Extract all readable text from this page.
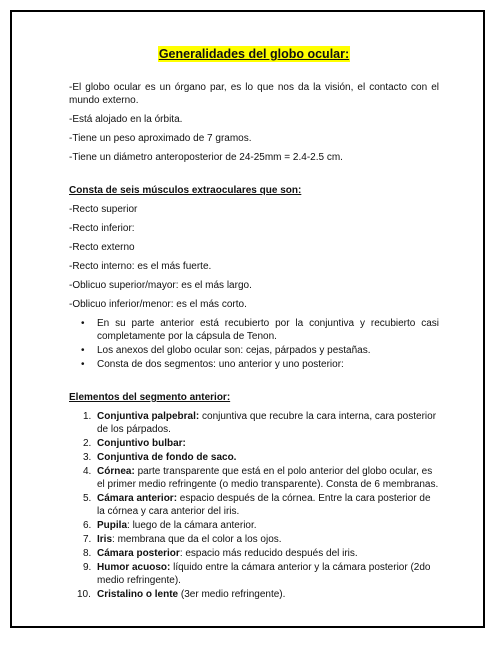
Generalidades del globo ocular:

-El globo ocular es un órgano par, es lo que nos da la visión, el contacto con el mundo externo.

-Está alojado en la órbita.

-Tiene un peso aproximado de 7 gramos.

-Tiene un diámetro anteroposterior de 24-25mm = 2.4-2.5 cm.

Consta de seis músculos extraoculares que son:

-Recto superior

-Recto inferior:

-Recto externo

-Recto interno: es el más fuerte.

-Oblicuo superior/mayor: es el más largo.

-Oblicuo inferior/menor: es el más corto.

• En su parte anterior está recubierto por la conjuntiva y recubierto casi completamente por la cápsula de Tenon.
• Los anexos del globo ocular son: cejas, párpados y pestañas.
• Consta de dos segmentos: uno anterior y uno posterior:

Elementos del segmento anterior:

1. Conjuntiva palpebral: conjuntiva que recubre la cara interna, cara posterior de los párpados.
2. Conjuntivo bulbar:
3. Conjuntiva de fondo de saco.
4. Córnea: parte transparente que está en el polo anterior del globo ocular, es el primer medio refringente (o medio transparente). Consta de 6 membranas.
5. Cámara anterior: espacio después de la córnea. Entre la cara posterior de la córnea y cara anterior del iris.
6. Pupila: luego de la cámara anterior.
7. Iris: membrana que da el color a los ojos.
8. Cámara posterior: espacio más reducido después del iris.
9. Humor acuoso: líquido entre la cámara anterior y la cámara posterior (2do medio refringente).
10. Cristalino o lente (3er medio refringente).
